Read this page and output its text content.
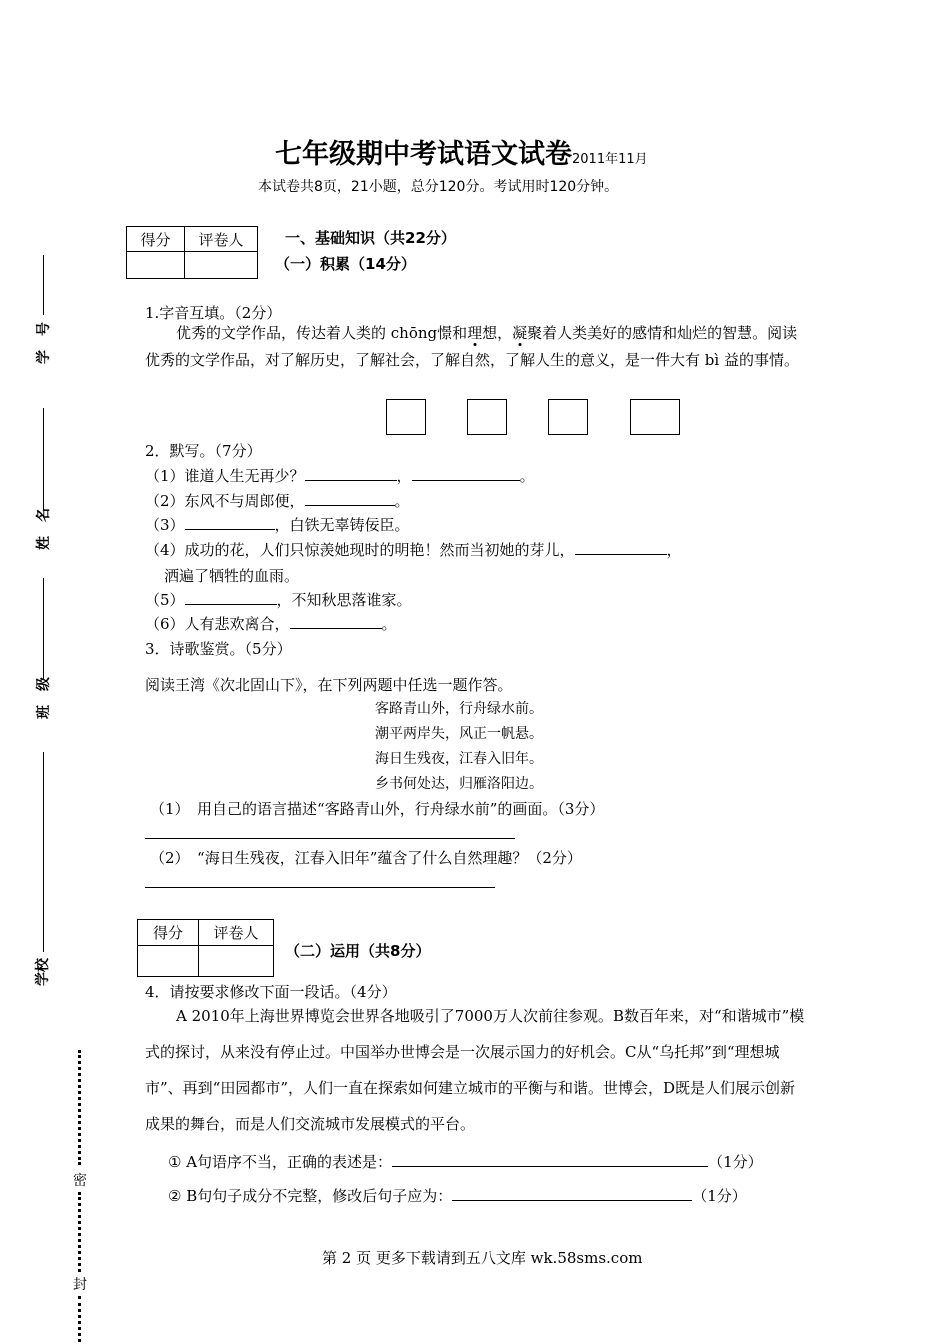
七年级期中考试语文试卷2011年11月
本试卷共8页，21小题，总分120分。考试用时120分钟。
得分	评卷人
		一、基础知识（共22分）
（一）积累（14分）
1.字音互填。（2分）
优秀的文学作品，传达着人类的 chōng憬和理想，凝聚着人类美好的感情和灿烂的智慧。阅读优秀的文学作品，对了解历史，了解社会，了解自然，了解人生的意义，是一件大有 bì 益的事情。
2．默写。（7分）
（1）谁道人生无再少？	，	。
（2）东风不与周郎便，	。
（3）	，白铁无辜铸佞臣。
（4）成功的花，人们只惊羡她现时的明艳！然而当初她的芽儿，	，
洒遍了牺牲的血雨。
（5）	，不知秋思落谁家。
（6）人有悲欢离合，	。
3．诗歌鉴赏。（5分）
阅读王湾《次北固山下》，在下列两题中任选一题作答。
客路青山外，行舟绿水前。
潮平两岸失，风正一帆悬。
海日生残夜，江春入旧年。
乡书何处达，归雁洛阳边。
（1）　用自己的语言描述“客路青山外，行舟绿水前”的画面。（3分）
（2）　“海日生残夜，江春入旧年”蕴含了什么自然理趣？（2分）
得分	评卷人

（二）运用（共8分）
4．请按要求修改下面一段话。（4分）
A 2010年上海世界博览会世界各地吸引了7000万人次前往参观。B数百年来，对“和谐城市”模式的探讨，从来没有停止过。中国举办世博会是一次展示国力的好机会。C从“乌托邦”到“理想城市”、再到“田园都市”，人们一直在探索如何建立城市的平衡与和谐。世博会，D既是人们展示创新成果的舞台，而是人们交流城市发展模式的平台。
① A句语序不当，正确的表述是：	（1分）
② B句句子成分不完整，修改后句子应为：	（1分）
第 2 页 更多下载请到五八文库 wk.58sms.com
学　号
姓　名
班　级
学校
密
封
